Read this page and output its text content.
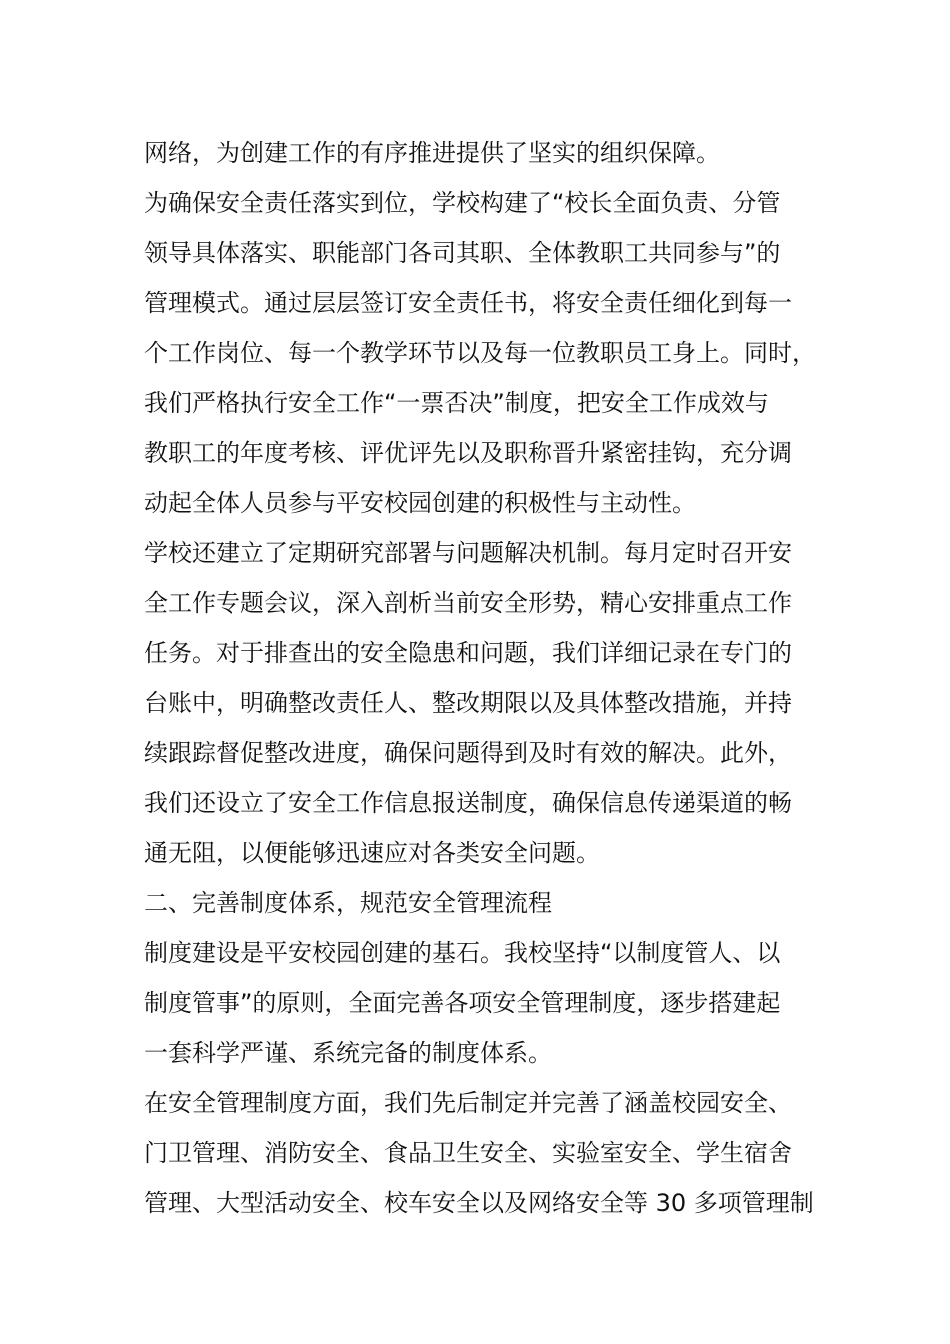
网络，为创建工作的有序推进提供了坚实的组织保障。
为确保安全责任落实到位，学校构建了“校长全面负责、分管
领导具体落实、职能部门各司其职、全体教职工共同参与”的
管理模式。通过层层签订安全责任书，将安全责任细化到每一
个工作岗位、每一个教学环节以及每一位教职员工身上。同时，
我们严格执行安全工作“一票否决”制度，把安全工作成效与
教职工的年度考核、评优评先以及职称晋升紧密挂钩，充分调
动起全体人员参与平安校园创建的积极性与主动性。
学校还建立了定期研究部署与问题解决机制。每月定时召开安
全工作专题会议，深入剖析当前安全形势，精心安排重点工作
任务。对于排查出的安全隐患和问题，我们详细记录在专门的
台账中，明确整改责任人、整改期限以及具体整改措施，并持
续跟踪督促整改进度，确保问题得到及时有效的解决。此外，
我们还设立了安全工作信息报送制度，确保信息传递渠道的畅
通无阻，以便能够迅速应对各类安全问题。
二、完善制度体系，规范安全管理流程
制度建设是平安校园创建的基石。我校坚持“以制度管人、以
制度管事”的原则，全面完善各项安全管理制度，逐步搭建起
一套科学严谨、系统完备的制度体系。
在安全管理制度方面，我们先后制定并完善了涵盖校园安全、
门卫管理、消防安全、食品卫生安全、实验室安全、学生宿舍
管理、大型活动安全、校车安全以及网络安全等 30 多项管理制
